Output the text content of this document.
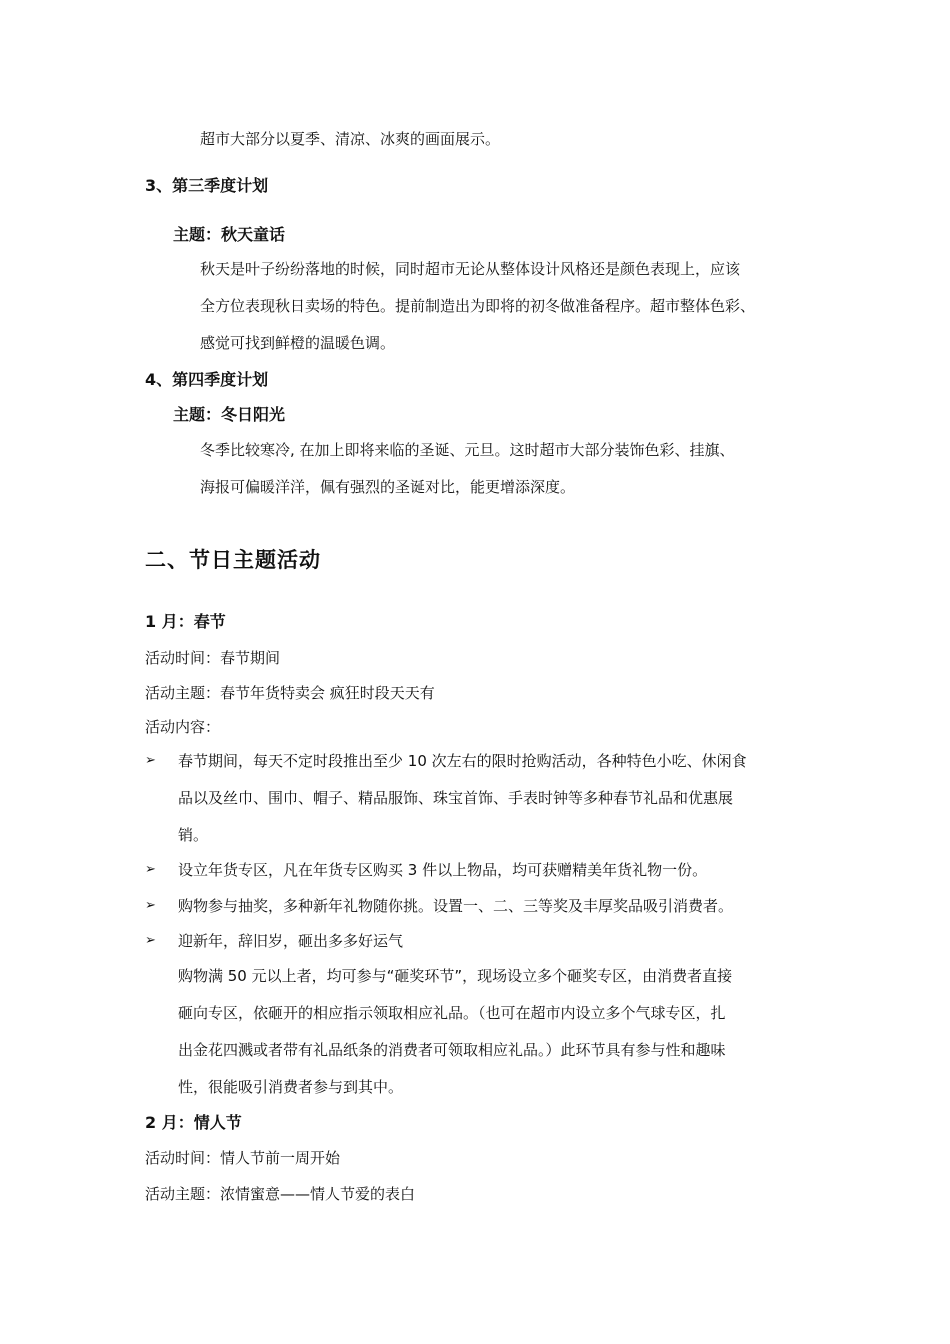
超市大部分以夏季、清凉、冰爽的画面展示。
3、第三季度计划
主题：秋天童话
秋天是叶子纷纷落地的时候，同时超市无论从整体设计风格还是颜色表现上，应该
全方位表现秋日卖场的特色。提前制造出为即将的初冬做准备程序。超市整体色彩、
感觉可找到鲜橙的温暖色调。
4、第四季度计划
主题：冬日阳光
冬季比较寒冷, 在加上即将来临的圣诞、元旦。这时超市大部分装饰色彩、挂旗、
海报可偏暖洋洋，佩有强烈的圣诞对比，能更增添深度。
二、节日主题活动
1 月：春节
活动时间：春节期间
活动主题：春节年货特卖会 疯狂时段天天有
活动内容：
➢ 春节期间，每天不定时段推出至少 10 次左右的限时抢购活动，各种特色小吃、休闲食
品以及丝巾、围巾、帽子、精品服饰、珠宝首饰、手表时钟等多种春节礼品和优惠展
销。
➢ 设立年货专区，凡在年货专区购买 3 件以上物品，均可获赠精美年货礼物一份。
➢ 购物参与抽奖，多种新年礼物随你挑。设置一、二、三等奖及丰厚奖品吸引消费者。
➢ 迎新年，辞旧岁，砸出多多好运气
购物满 50 元以上者，均可参与“砸奖环节”，现场设立多个砸奖专区，由消费者直接
砸向专区，依砸开的相应指示领取相应礼品。（也可在超市内设立多个气球专区，扎
出金花四溅或者带有礼品纸条的消费者可领取相应礼品。）此环节具有参与性和趣味
性，很能吸引消费者参与到其中。
2 月：情人节
活动时间：情人节前一周开始
活动主题：浓情蜜意——情人节爱的表白
